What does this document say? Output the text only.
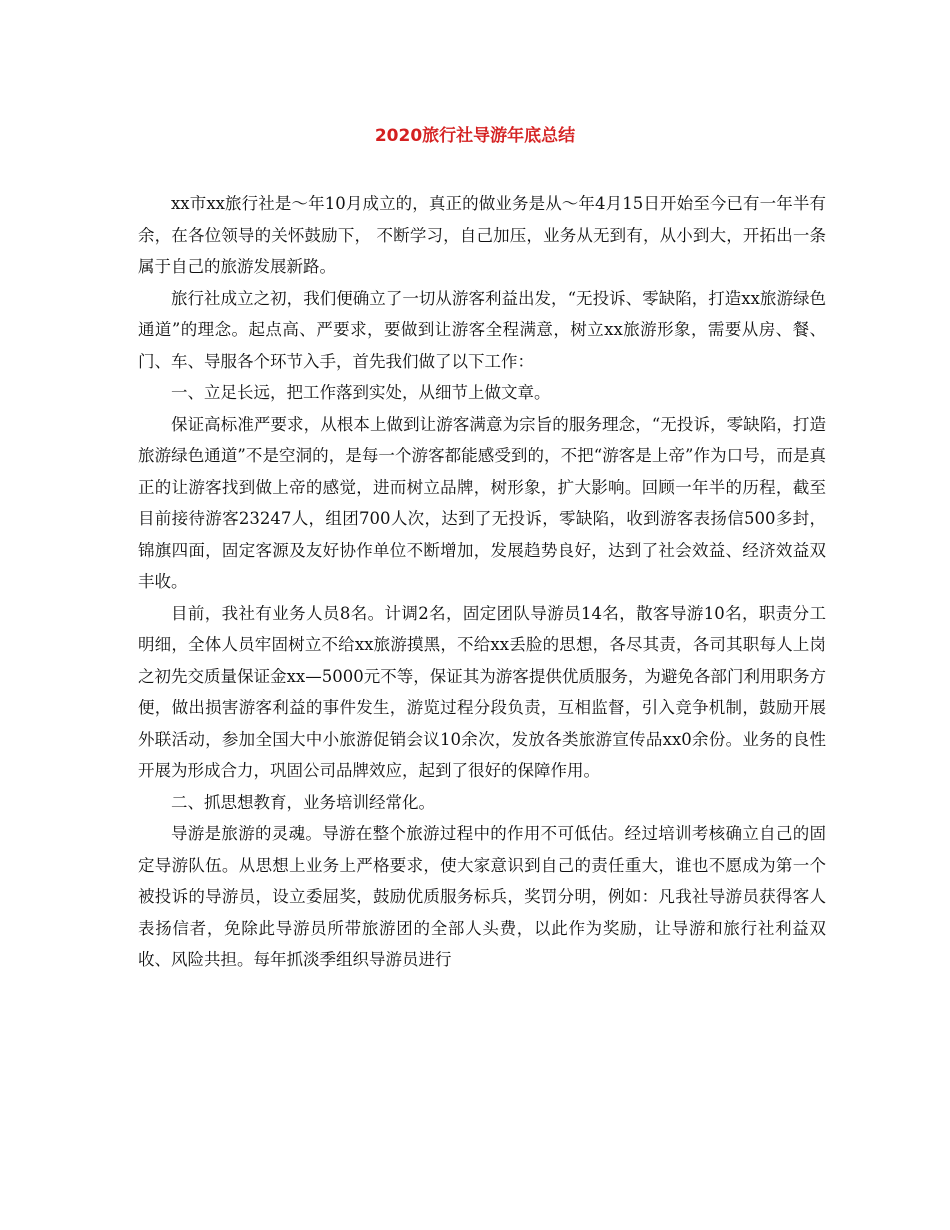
2020旅行社导游年底总结

xx市xx旅行社是～年10月成立的，真正的做业务是从～年4月15日开始至今已有一年半有余，在各位领导的关怀鼓励下， 不断学习，自己加压，业务从无到有，从小到大，开拓出一条属于自己的旅游发展新路。

旅行社成立之初，我们便确立了一切从游客利益出发，“无投诉、零缺陷，打造xx旅游绿色通道”的理念。起点高、严要求，要做到让游客全程满意，树立xx旅游形象，需要从房、餐、门、车、导服各个环节入手，首先我们做了以下工作：

一、立足长远，把工作落到实处，从细节上做文章。

保证高标准严要求，从根本上做到让游客满意为宗旨的服务理念，“无投诉，零缺陷，打造旅游绿色通道”不是空洞的，是每一个游客都能感受到的，不把“游客是上帝”作为口号，而是真正的让游客找到做上帝的感觉，进而树立品牌，树形象，扩大影响。回顾一年半的历程，截至目前接待游客23247人，组团700人次，达到了无投诉，零缺陷，收到游客表扬信500多封，锦旗四面，固定客源及友好协作单位不断增加，发展趋势良好，达到了社会效益、经济效益双丰收。

目前，我社有业务人员8名。计调2名，固定团队导游员14名，散客导游10名，职责分工明细，全体人员牢固树立不给xx旅游摸黑，不给xx丢脸的思想，各尽其责，各司其职每人上岗之初先交质量保证金xx—5000元不等，保证其为游客提供优质服务，为避免各部门利用职务方便，做出损害游客利益的事件发生，游览过程分段负责，互相监督，引入竞争机制，鼓励开展外联活动，参加全国大中小旅游促销会议10余次，发放各类旅游宣传品xx0余份。业务的良性开展为形成合力，巩固公司品牌效应，起到了很好的保障作用。

二、抓思想教育，业务培训经常化。

导游是旅游的灵魂。导游在整个旅游过程中的作用不可低估。经过培训考核确立自己的固定导游队伍。从思想上业务上严格要求，使大家意识到自己的责任重大，谁也不愿成为第一个被投诉的导游员，设立委屈奖，鼓励优质服务标兵，奖罚分明，例如：凡我社导游员获得客人表扬信者，免除此导游员所带旅游团的全部人头费，以此作为奖励，让导游和旅行社利益双收、风险共担。每年抓淡季组织导游员进行
